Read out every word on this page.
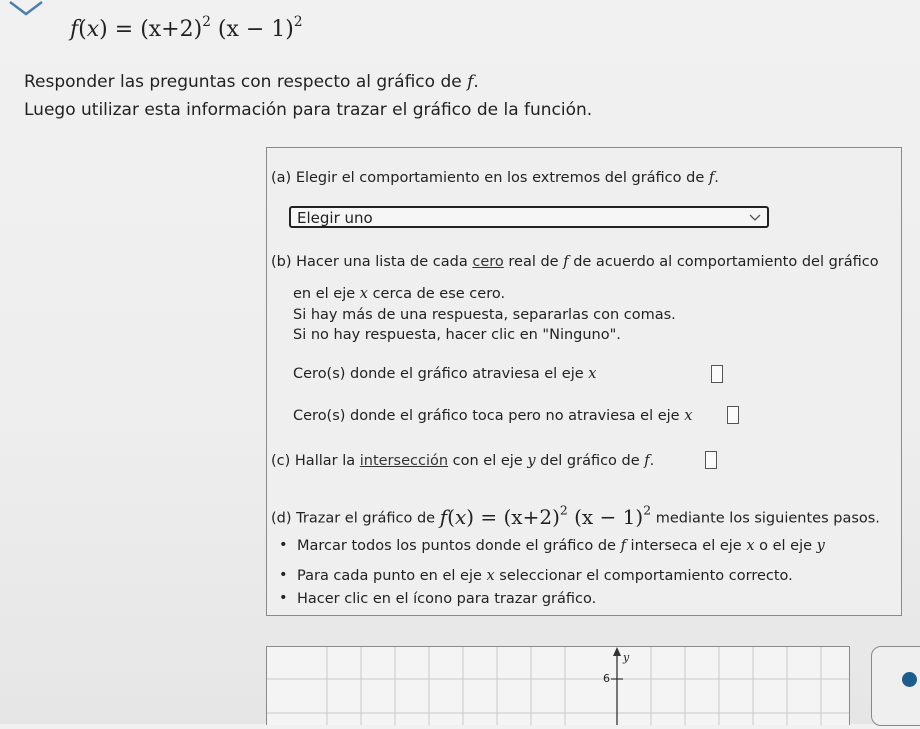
$f(x) = (x+2)^2$ $(x - 1)^2$
Responder las preguntas con respecto al gráfico de f.
Luego utilizar esta información para trazar el gráfico de la función.
(a) Elegir el comportamiento en los extremos del gráfico de f.
Elegir uno
(b) Hacer una lista de cada cero real de f de acuerdo al comportamiento del gráfico
en el eje x cerca de ese cero.
Si hay más de una respuesta, separarlas con comas.
Si no hay respuesta, hacer clic en "Ninguno".
Cero(s) donde el gráfico atraviesa el eje x
Cero(s) donde el gráfico toca pero no atraviesa el eje x
(c) Hallar la intersección con el eje y del gráfico de f.
(d) Trazar el gráfico de $f(x) = (x+2)^2$ $(x - 1)^2$ mediante los siguientes pasos.
• Marcar todos los puntos donde el gráfico de f interseca el eje x o el eje y
• Para cada punto en el eje x seleccionar el comportamiento correcto.
• Hacer clic en el ícono para trazar gráfico.
y
6
